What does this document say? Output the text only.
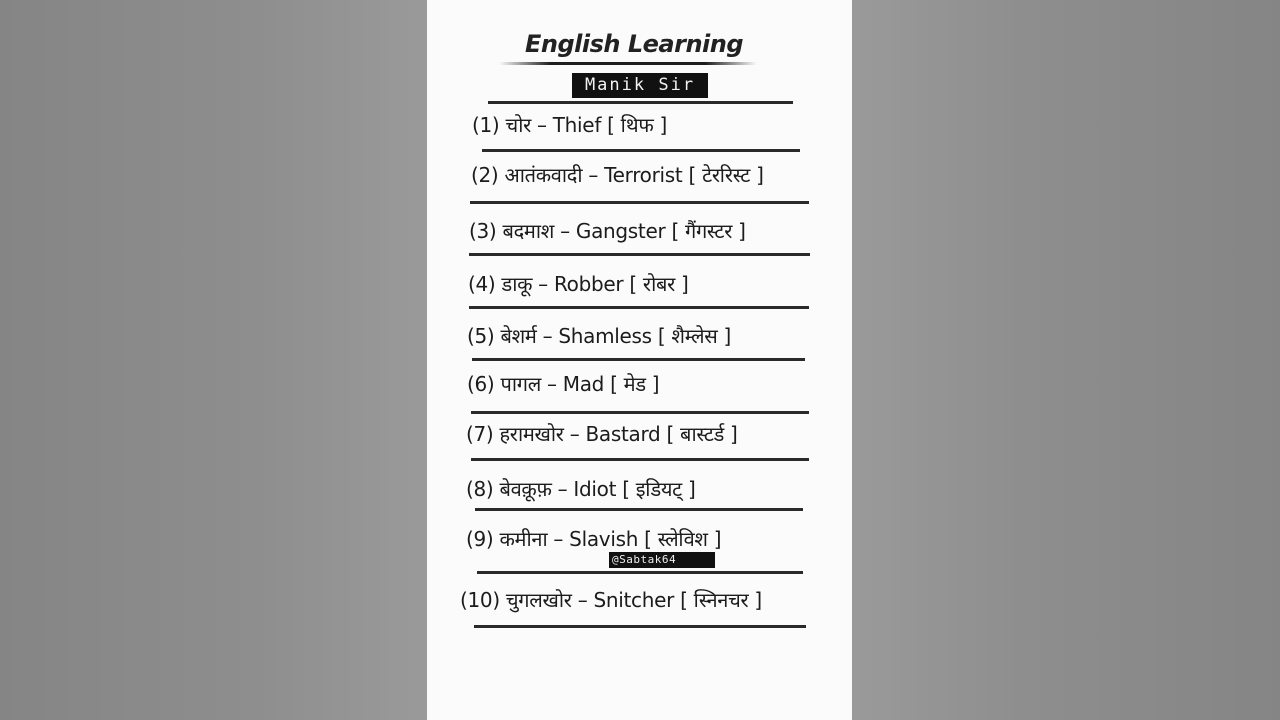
English Learning
Manik Sir
(1) चोर – Thief [ थिफ ]
(2) आतंकवादी – Terrorist [ टेररिस्ट ]
(3) बदमाश – Gangster [ गैंगस्टर ]
(4) डाकू – Robber [ रोबर ]
(5) बेशर्म – Shamless [ शैम्लेस ]
(6) पागल – Mad [ मेड ]
(7) हरामखोर – Bastard [ बास्टर्ड ]
(8) बेवक़ूफ़ – Idiot [ इडियट् ]
(9) कमीना – Slavish [ स्लेविश ]
@Sabtak64
(10) चुगलखोर – Snitcher [ स्निनचर ]
